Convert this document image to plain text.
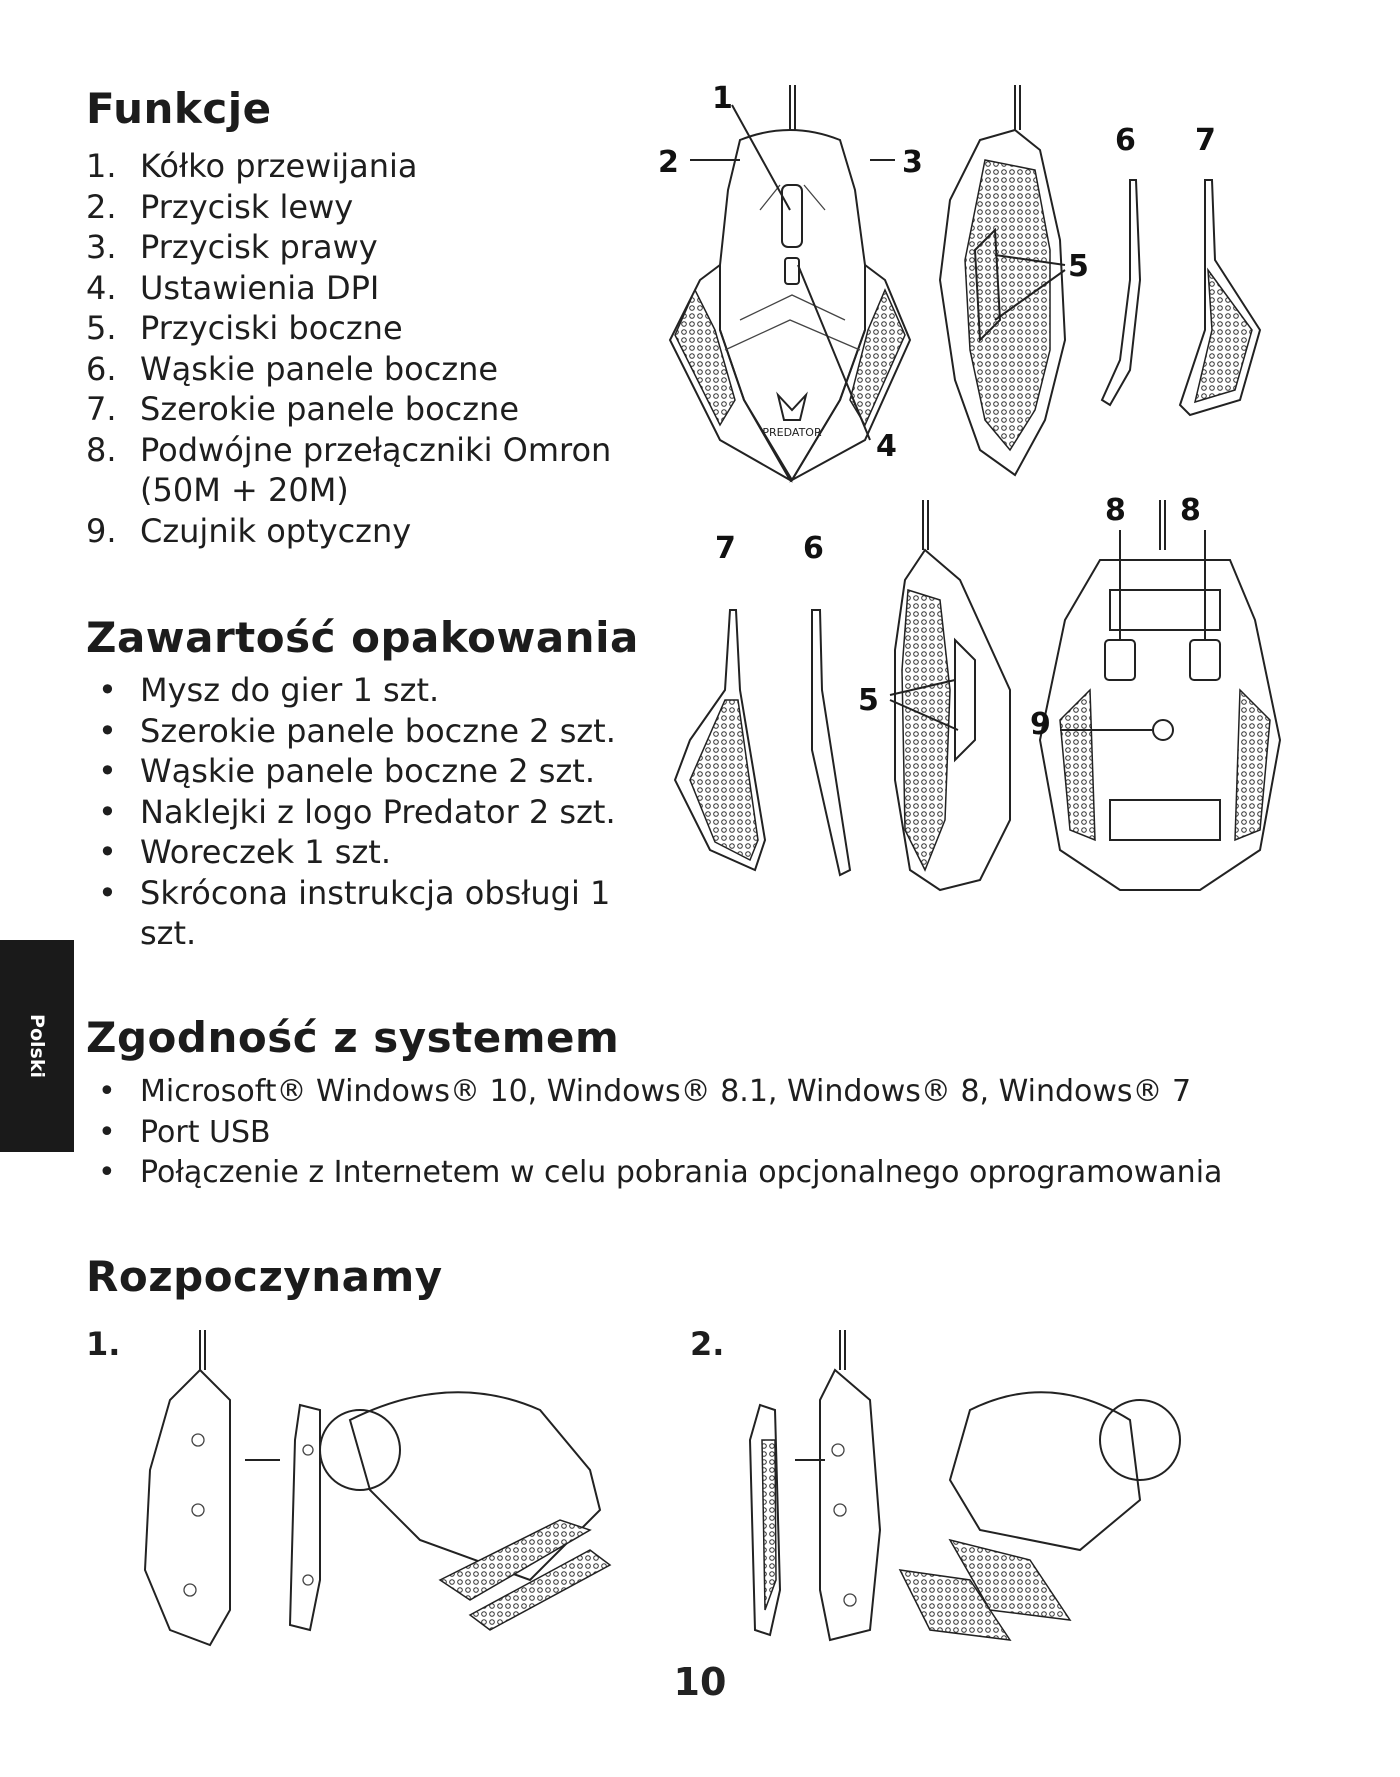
Polski
Funkcje
1. Kółko przewijania
2. Przycisk lewy
3. Przycisk prawy
4. Ustawienia DPI
5. Przyciski boczne
6. Wąskie panele boczne
7. Szerokie panele boczne
8. Podwójne przełączniki Omron (50M + 20M)
9. Czujnik optyczny
Zawartość opakowania
• Mysz do gier 1 szt.
• Szerokie panele boczne 2 szt.
• Wąskie panele boczne 2 szt.
• Naklejki z logo Predator 2 szt.
• Woreczek 1 szt.
• Skrócona instrukcja obsługi 1 szt.
Zgodność z systemem
• Microsoft® Windows® 10, Windows® 8.1, Windows® 8, Windows® 7
• Port USB
• Połączenie z Internetem w celu pobrania opcjonalnego oprogramowania
Rozpoczynamy
1.	2.
PREDATOR
1
2	3
4
5
6 7
7 6
5
8 8
9
10
